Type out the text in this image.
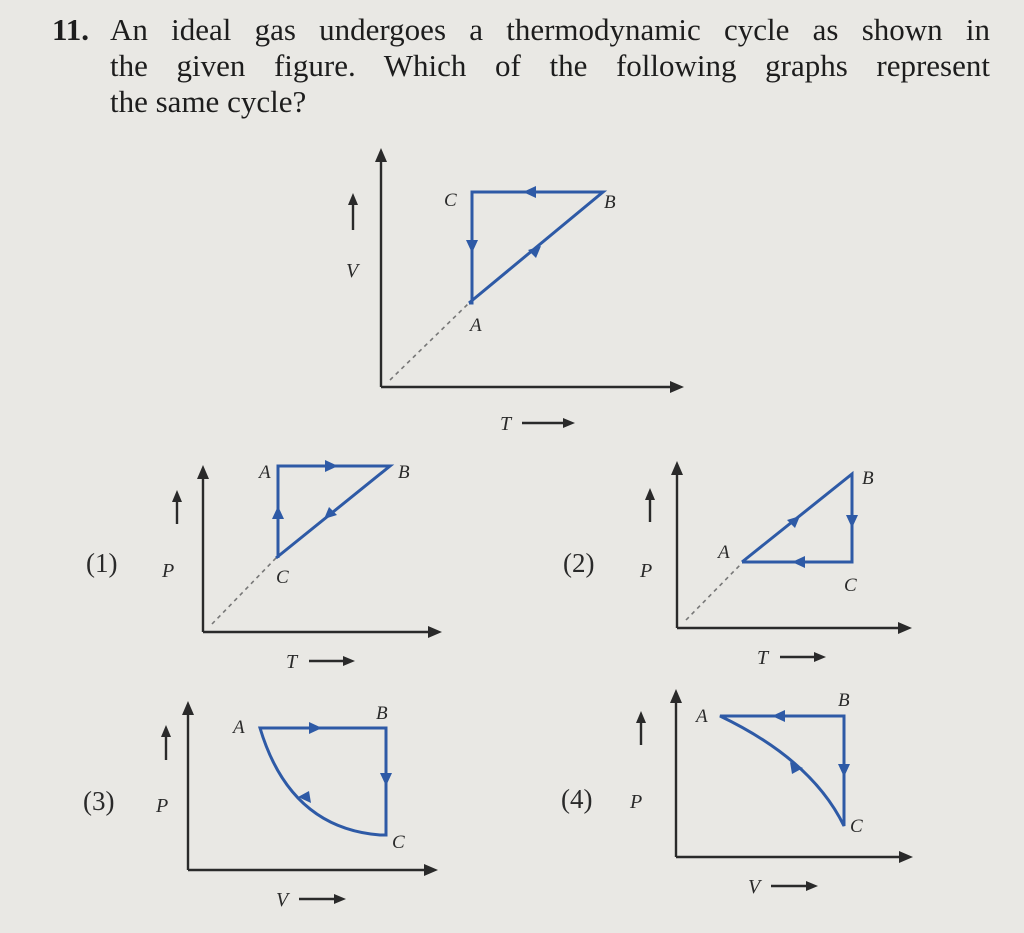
11. An ideal gas undergoes a thermodynamic cycle as shown in
the given figure. Which of the following graphs represent
the same cycle?
C	B
A
V
T
A	B
C
(1) P
T
A
B
C
(2) P
T
A
B
C
(3) P
V
A
B
C
(4) P
V
